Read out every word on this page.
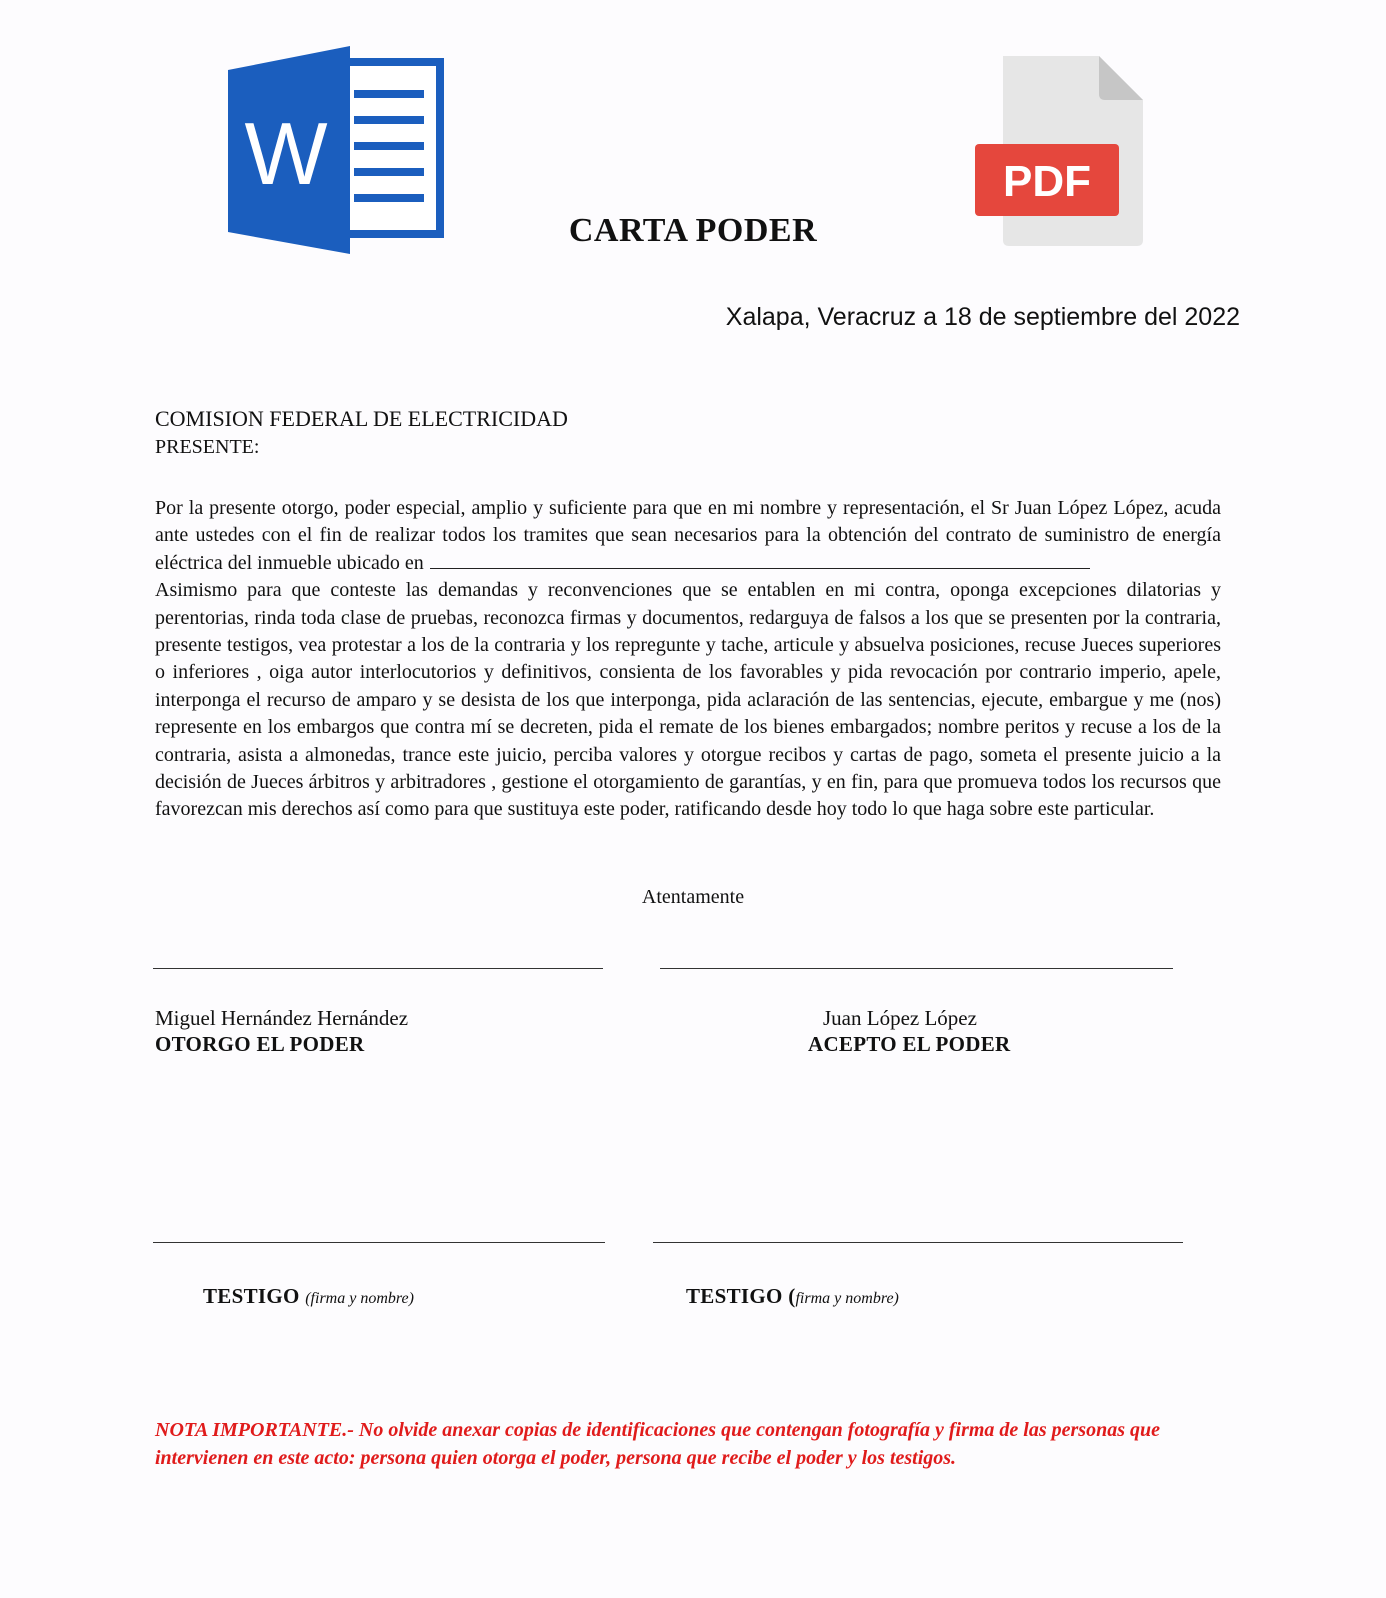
W	PDF
CARTA PODER
Xalapa, Veracruz a 18 de septiembre del 2022
COMISION FEDERAL DE ELECTRICIDAD
PRESENTE:
Por la presente otorgo, poder especial, amplio y suficiente para que en mi nombre y representación, el Sr Juan López López, acuda ante ustedes con el fin de realizar todos los tramites que sean necesarios para la obtención del contrato de suministro de energía eléctrica del inmueble ubicado en
Asimismo para que conteste las demandas y reconvenciones que se entablen en mi contra, oponga excepciones dilatorias y perentorias, rinda toda clase de pruebas, reconozca firmas y documentos, redarguya de falsos a los que se presenten por la contraria, presente testigos, vea protestar a los de la contraria y los repregunte y tache, articule y absuelva posiciones, recuse Jueces superiores o inferiores , oiga autor interlocutorios y definitivos, consienta de los favorables y pida revocación por contrario imperio, apele, interponga el recurso de amparo y se desista de los que interponga, pida aclaración de las sentencias, ejecute, embargue y me (nos) represente en los embargos que contra mí se decreten, pida el remate de los bienes embargados; nombre peritos y recuse a los de la contraria, asista a almonedas, trance este juicio, perciba valores y otorgue recibos y cartas de pago, someta el presente juicio a la decisión de Jueces árbitros y arbitradores , gestione el otorgamiento de garantías, y en fin, para que promueva todos los recursos que favorezcan mis derechos así como para que sustituya este poder, ratificando desde hoy todo lo que haga sobre este particular.
Atentamente
Miguel Hernández Hernández
OTORGO EL PODER
Juan López López
ACEPTO EL PODER
TESTIGO (firma y nombre)	TESTIGO (firma y nombre)
NOTA IMPORTANTE.- No olvide anexar copias de identificaciones que contengan fotografía y firma de las personas que intervienen en este acto: persona quien otorga el poder, persona que recibe el poder y los testigos.
